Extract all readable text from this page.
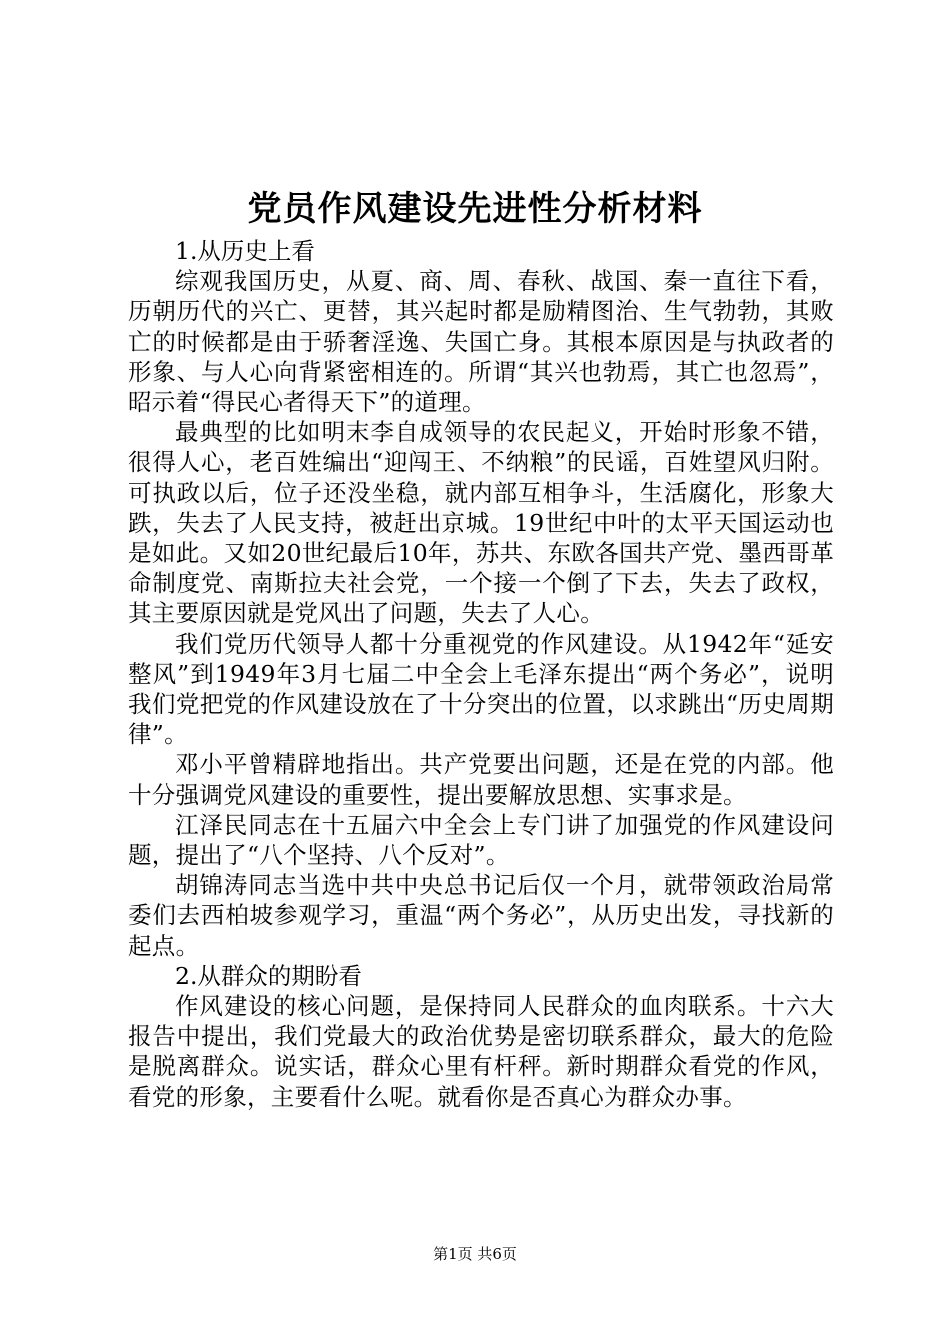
党员作风建设先进性分析材料

1.从历史上看

综观我国历史，从夏、商、周、春秋、战国、秦一直往下看，历朝历代的兴亡、更替，其兴起时都是励精图治、生气勃勃，其败亡的时候都是由于骄奢淫逸、失国亡身。其根本原因是与执政者的形象、与人心向背紧密相连的。所谓“其兴也勃焉，其亡也忽焉”，昭示着“得民心者得天下”的道理。

最典型的比如明末李自成领导的农民起义，开始时形象不错，很得人心，老百姓编出“迎闯王、不纳粮”的民谣，百姓望风归附。可执政以后，位子还没坐稳，就内部互相争斗，生活腐化，形象大跌，失去了人民支持，被赶出京城。19世纪中叶的太平天国运动也是如此。又如20世纪最后10年，苏共、东欧各国共产党、墨西哥革命制度党、南斯拉夫社会党，一个接一个倒了下去，失去了政权，其主要原因就是党风出了问题，失去了人心。

我们党历代领导人都十分重视党的作风建设。从1942年“延安整风”到1949年3月七届二中全会上毛泽东提出“两个务必”，说明我们党把党的作风建设放在了十分突出的位置，以求跳出“历史周期律”。

邓小平曾精辟地指出。共产党要出问题，还是在党的内部。他十分强调党风建设的重要性，提出要解放思想、实事求是。

江泽民同志在十五届六中全会上专门讲了加强党的作风建设问题，提出了“八个坚持、八个反对”。

胡锦涛同志当选中共中央总书记后仅一个月，就带领政治局常委们去西柏坡参观学习，重温“两个务必”，从历史出发，寻找新的起点。

2.从群众的期盼看

作风建设的核心问题，是保持同人民群众的血肉联系。十六大报告中提出，我们党最大的政治优势是密切联系群众，最大的危险是脱离群众。说实话，群众心里有杆秤。新时期群众看党的作风，看党的形象，主要看什么呢。就看你是否真心为群众办事。

第1页 共6页
